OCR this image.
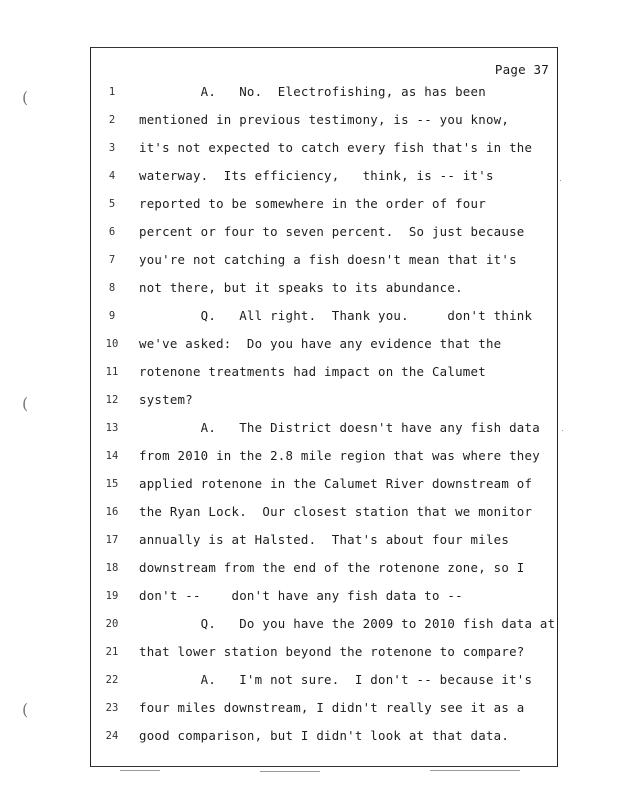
(
(
(
Page 37
1	A.   No.  Electrofishing, as has been
2	mentioned in previous testimony, is -- you know,
3	it's not expected to catch every fish that's in the
4	waterway.  Its efficiency,   think, is -- it's
5	reported to be somewhere in the order of four
6	percent or four to seven percent.  So just because
7	you're not catching a fish doesn't mean that it's
8	not there, but it speaks to its abundance.
9	Q.   All right.  Thank you.     don't think
10	we've asked:  Do you have any evidence that the
11	rotenone treatments had impact on the Calumet
12	system?
13	A.   The District doesn't have any fish data
14	from 2010 in the 2.8 mile region that was where they
15	applied rotenone in the Calumet River downstream of
16	the Ryan Lock.  Our closest station that we monitor
17	annually is at Halsted.  That's about four miles
18	downstream from the end of the rotenone zone, so I
19	don't --    don't have any fish data to --
20	Q.   Do you have the 2009 to 2010 fish data at
21	that lower station beyond the rotenone to compare?
22	A.   I'm not sure.  I don't -- because it's
23	four miles downstream, I didn't really see it as a
24	good comparison, but I didn't look at that data.
